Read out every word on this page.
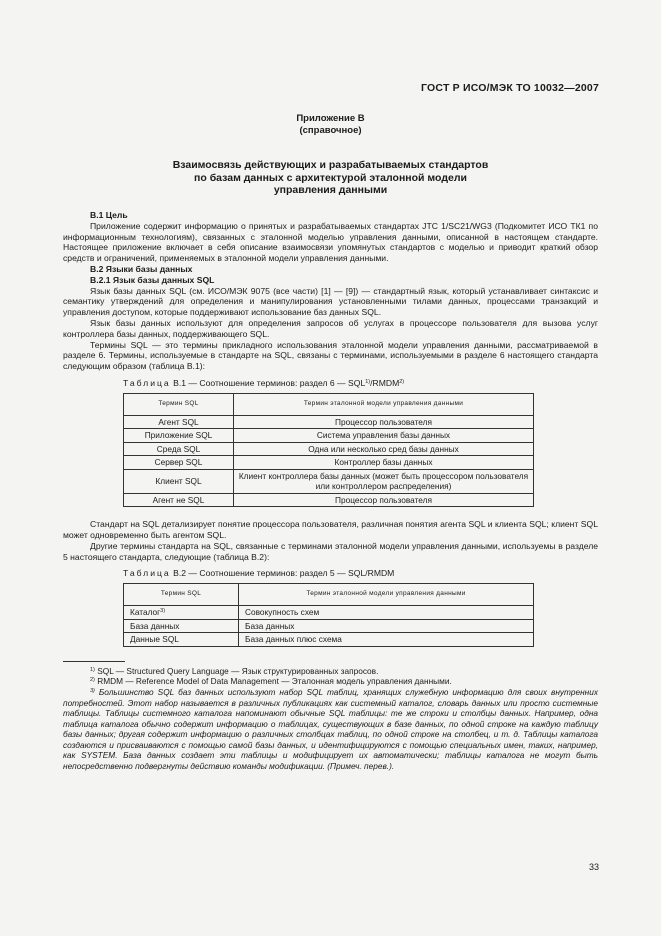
ГОСТ Р ИСО/МЭК ТО 10032—2007
Приложение В
(справочное)
Взаимосвязь действующих и разрабатываемых стандартов
по базам данных с архитектурой эталонной модели
управления данными

В.1 Цель

Приложение содержит информацию о принятых и разрабатываемых стандартах JTC 1/SC21/WG3 (Подкомитет ИСО ТК1 по информационным технологиям), связанных с эталонной моделью управления данными, описанной в настоящем стандарте. Настоящее приложение включает в себя описание взаимосвязи упомянутых стандартов с моделью и приводит краткий обзор средств и ограничений, применяемых в эталонной модели управления данными.

В.2 Языки базы данных

В.2.1 Язык базы данных SQL

Язык базы данных SQL (см. ИСО/МЭК 9075 (все части) [1] — [9]) — стандартный язык, который устанавливает синтаксис и семантику утверждений для определения и манипулирования установленными тилами данных, процессами транзакций и управления доступом, которые поддерживают использование баз данных SQL.

Язык базы данных используют для определения запросов об услугах в процессоре пользователя для вызова услуг контроллера базы данных, поддерживающего SQL.

Термины SQL — это термины прикладного использования эталонной модели управления данными, рассматриваемой в разделе 6. Термины, используемые в стандарте на SQL, связаны с терминами, используемыми в разделе 6 настоящего стандарта следующим образом (таблица В.1):

Таблица В.1 — Соотношение терминов: раздел 6 — SQL$^{1)}$/RMDM$^{2)}$

Термин SQL	Термин эталонной модели управления данными
Агент SQL	Процессор пользователя
Приложение SQL	Система управления базы данных
Среда SQL	Одна или несколько сред базы данных
Сервер SQL	Контроллер базы данных
Клиент SQL	Клиент контроллера базы данных (может быть процессором пользователя или контроллером распределения)
Агент не SQL	Процессор пользователя

Стандарт на SQL детализирует понятие процессора пользователя, различная понятия агента SQL и клиента SQL; клиент SQL может одновременно быть агентом SQL.

Другие термины стандарта на SQL, связанные с терминами эталонной модели управления данными, используемы в разделе 5 настоящего стандарта, следующие (таблица В.2):

Таблица В.2 — Соотношение терминов: раздел 5 — SQL/RMDM

Термин SQL	Термин эталонной модели управления данными
Каталог$^{3)}$	Совокупность схем
База данных	База данных
Данные SQL	База данных плюс схема

$^{1)}$ SQL — Structured Query Language — Язык структурированных запросов.

$^{2)}$ RMDM — Reference Model of Data Management — Эталонная модель управления данными.

$^{3)}$ Большинство SQL баз данных используют набор SQL таблиц, хранящих служебную информацию для своих внутренних потребностей. Этот набор называется в различных публикациях как системный каталог, словарь данных или просто системные таблицы. Таблицы системного каталога напоминают обычные SQL таблицы: те же строки и столбцы данных. Например, одна таблица каталога обычно содержит информацию о таблицах, существующих в базе данных, по одной строке на каждую таблицу базы данных; другая содержит информацию о различных столбцах таблиц, по одной строке на столбец, и т. д. Таблицы каталога создаются и присваиваются с помощью самой базы данных, и идентифицируются с помощью специальных имен, таких, например, как SYSTEM. База данных создает эти таблицы и модифицирует их автоматически; таблицы каталога не могут быть непосредственно подвергнуты действию команды модификации. (Примеч. перев.).

33
